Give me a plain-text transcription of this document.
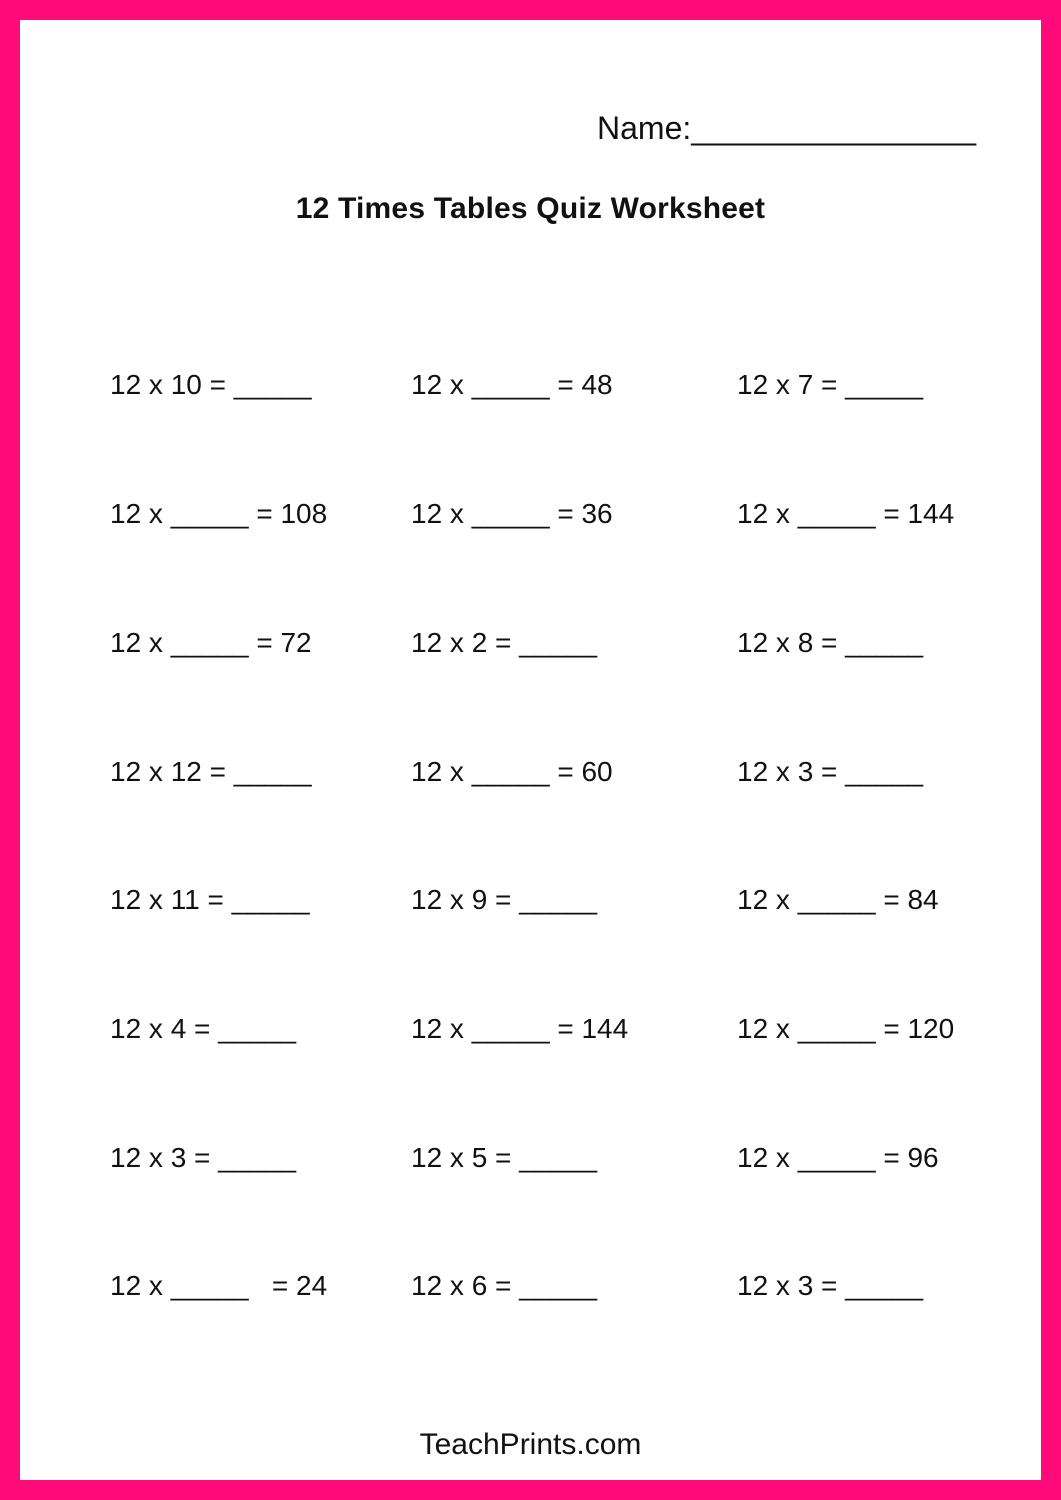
Name:________________
12 Times Tables Quiz Worksheet
12 x 10 = _____	12 x _____ = 48	12 x 7 = _____
12 x _____ = 108	12 x _____ = 36	12 x _____ = 144
12 x _____ = 72	12 x 2 = _____	12 x 8 = _____
12 x 12 = _____	12 x _____ = 60	12 x 3 = _____
12 x 11 = _____	12 x 9 = _____	12 x _____ = 84
12 x 4 = _____	12 x _____ = 144	12 x _____ = 120
12 x 3 = _____	12 x 5 = _____	12 x _____ = 96
12 x _____   = 24	12 x 6 = _____	12 x 3 = _____
TeachPrints.com
